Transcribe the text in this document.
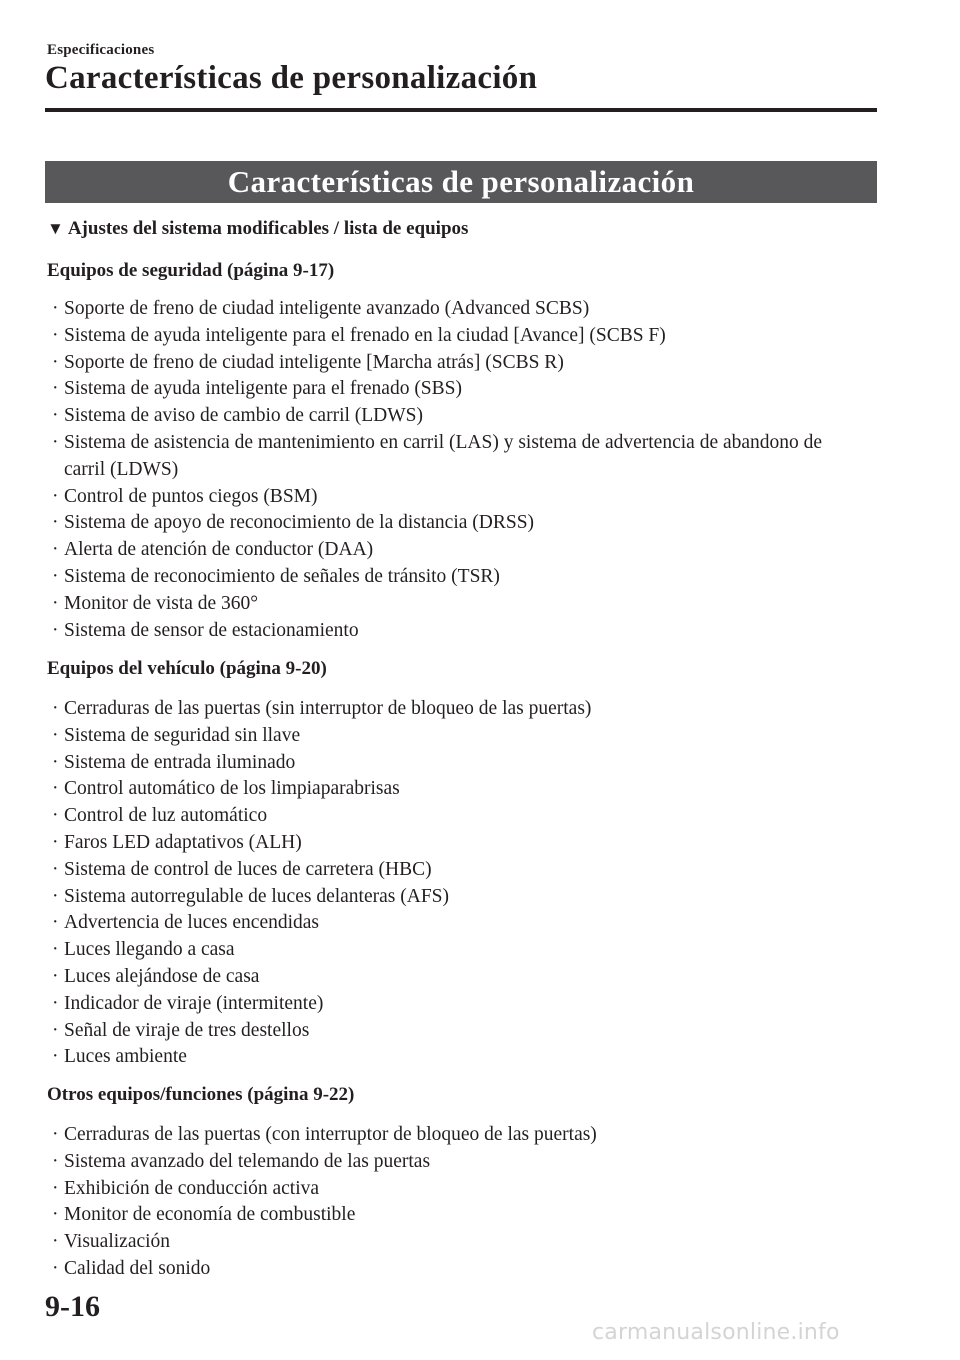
Especificaciones
Características de personalización
Características de personalización
▼ Ajustes del sistema modificables / lista de equipos
Equipos de seguridad (página 9-17)
· Soporte de freno de ciudad inteligente avanzado (Advanced SCBS)
· Sistema de ayuda inteligente para el frenado en la ciudad [Avance] (SCBS F)
· Soporte de freno de ciudad inteligente [Marcha atrás] (SCBS R)
· Sistema de ayuda inteligente para el frenado (SBS)
· Sistema de aviso de cambio de carril (LDWS)
· Sistema de asistencia de mantenimiento en carril (LAS) y sistema de advertencia de abandono de carril (LDWS)
· Control de puntos ciegos (BSM)
· Sistema de apoyo de reconocimiento de la distancia (DRSS)
· Alerta de atención de conductor (DAA)
· Sistema de reconocimiento de señales de tránsito (TSR)
· Monitor de vista de 360°
· Sistema de sensor de estacionamiento
Equipos del vehículo (página 9-20)
· Cerraduras de las puertas (sin interruptor de bloqueo de las puertas)
· Sistema de seguridad sin llave
· Sistema de entrada iluminado
· Control automático de los limpiaparabrisas
· Control de luz automático
· Faros LED adaptativos (ALH)
· Sistema de control de luces de carretera (HBC)
· Sistema autorregulable de luces delanteras (AFS)
· Advertencia de luces encendidas
· Luces llegando a casa
· Luces alejándose de casa
· Indicador de viraje (intermitente)
· Señal de viraje de tres destellos
· Luces ambiente
Otros equipos/funciones (página 9-22)
· Cerraduras de las puertas (con interruptor de bloqueo de las puertas)
· Sistema avanzado del telemando de las puertas
· Exhibición de conducción activa
· Monitor de economía de combustible
· Visualización
· Calidad del sonido
9-16
carmanualsonline.info
